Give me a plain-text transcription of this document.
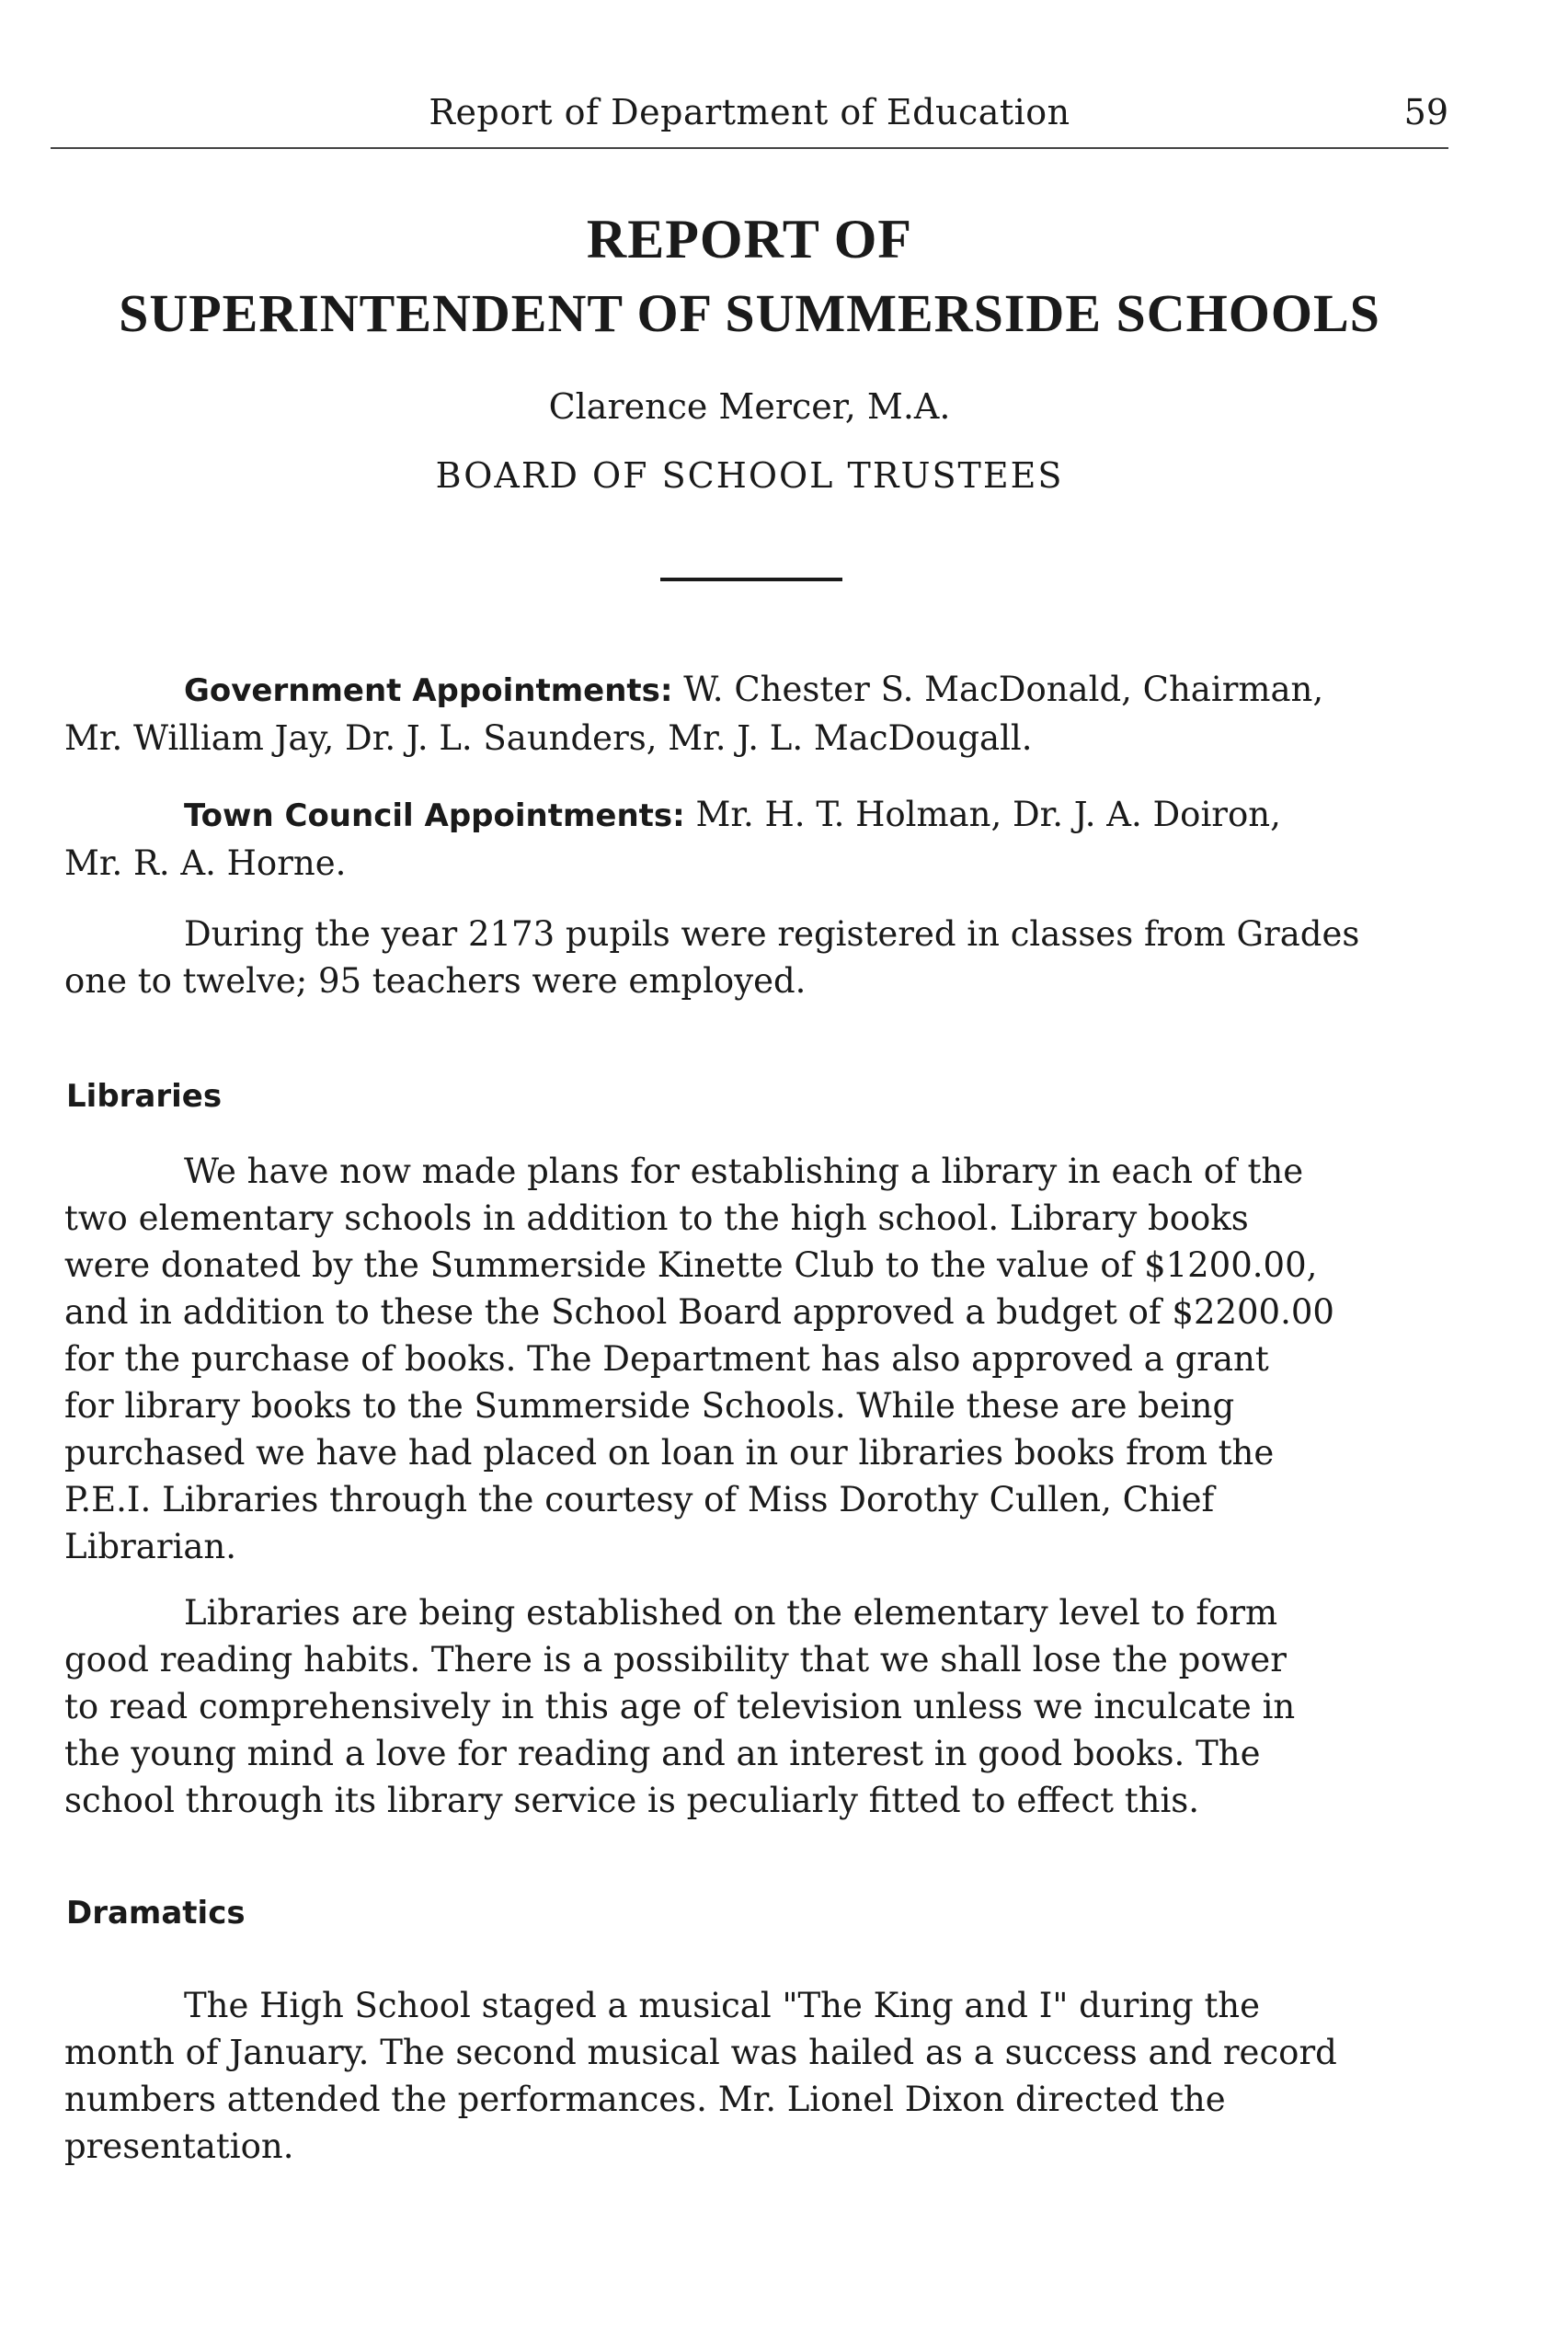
Report of Department of Education	59
REPORT OF
SUPERINTENDENT OF SUMMERSIDE SCHOOLS
Clarence Mercer, M.A.
BOARD OF SCHOOL TRUSTEES
Government Appointments: W. Chester S. MacDonald, Chairman,
Mr. William Jay, Dr. J. L. Saunders, Mr. J. L. MacDougall.
Town Council Appointments: Mr. H. T. Holman, Dr. J. A. Doiron,
Mr. R. A. Horne.
During the year 2173 pupils were registered in classes from Grades
one to twelve; 95 teachers were employed.
Libraries
We have now made plans for establishing a library in each of the
two elementary schools in addition to the high school. Library books
were donated by the Summerside Kinette Club to the value of $1200.00,
and in addition to these the School Board approved a budget of $2200.00
for the purchase of books. The Department has also approved a grant
for library books to the Summerside Schools. While these are being
purchased we have had placed on loan in our libraries books from the
P.E.I. Libraries through the courtesy of Miss Dorothy Cullen, Chief
Librarian.
Libraries are being established on the elementary level to form
good reading habits. There is a possibility that we shall lose the power
to read comprehensively in this age of television unless we inculcate in
the young mind a love for reading and an interest in good books. The
school through its library service is peculiarly fitted to effect this.
Dramatics
The High School staged a musical "The King and I" during the
month of January. The second musical was hailed as a success and record
numbers attended the performances. Mr. Lionel Dixon directed the
presentation.
